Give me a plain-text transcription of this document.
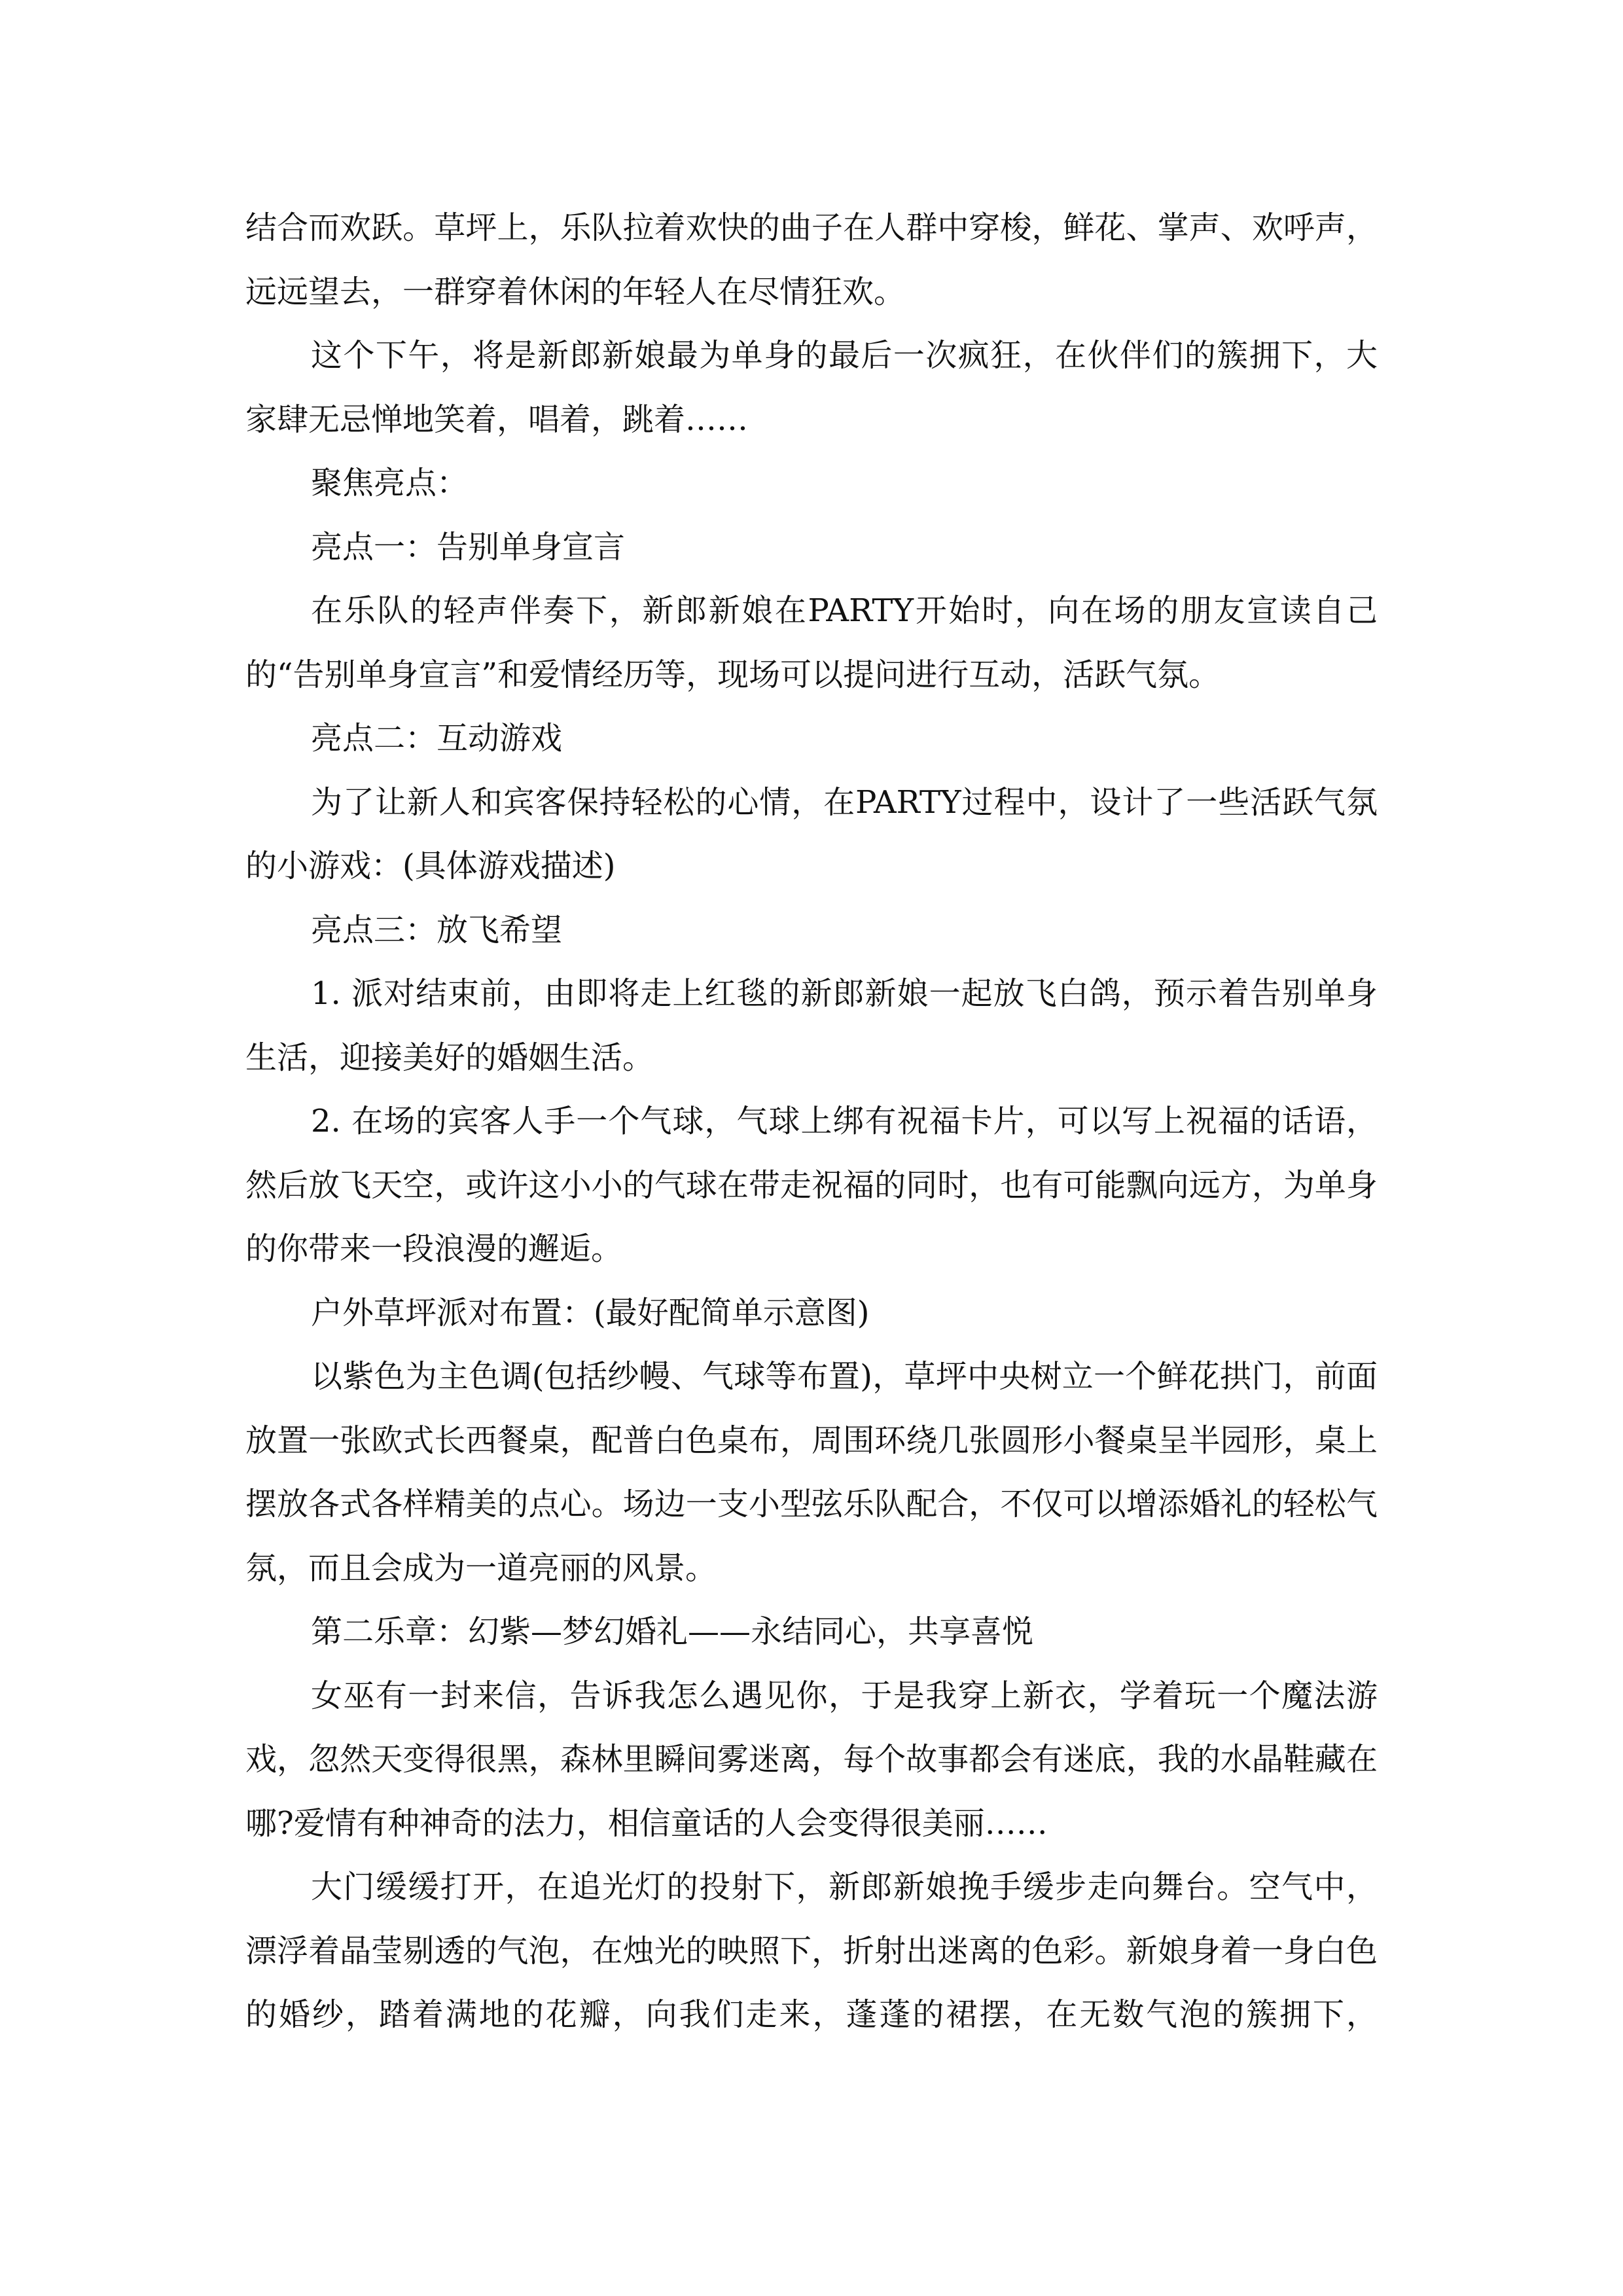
结合而欢跃。草坪上，乐队拉着欢快的曲子在人群中穿梭，鲜花、掌声、欢呼声，远远望去，一群穿着休闲的年轻人在尽情狂欢。

这个下午，将是新郎新娘最为单身的最后一次疯狂，在伙伴们的簇拥下，大家肆无忌惮地笑着，唱着，跳着……

聚焦亮点：

亮点一：告别单身宣言

在乐队的轻声伴奏下，新郎新娘在PARTY开始时，向在场的朋友宣读自己的“告别单身宣言”和爱情经历等，现场可以提问进行互动，活跃气氛。

亮点二：互动游戏

为了让新人和宾客保持轻松的心情，在PARTY过程中，设计了一些活跃气氛的小游戏：(具体游戏描述)

亮点三：放飞希望

1. 派对结束前，由即将走上红毯的新郎新娘一起放飞白鸽，预示着告别单身生活，迎接美好的婚姻生活。

2. 在场的宾客人手一个气球，气球上绑有祝福卡片，可以写上祝福的话语，然后放飞天空，或许这小小的气球在带走祝福的同时，也有可能飘向远方，为单身的你带来一段浪漫的邂逅。

户外草坪派对布置：(最好配简单示意图)

以紫色为主色调(包括纱幔、气球等布置)，草坪中央树立一个鲜花拱门，前面放置一张欧式长西餐桌，配普白色桌布，周围环绕几张圆形小餐桌呈半园形，桌上摆放各式各样精美的点心。场边一支小型弦乐队配合，不仅可以增添婚礼的轻松气氛，而且会成为一道亮丽的风景。

第二乐章：幻紫—梦幻婚礼——永结同心，共享喜悦

女巫有一封来信，告诉我怎么遇见你，于是我穿上新衣，学着玩一个魔法游戏，忽然天变得很黑，森林里瞬间雾迷离，每个故事都会有迷底，我的水晶鞋藏在哪?爱情有种神奇的法力，相信童话的人会变得很美丽……

大门缓缓打开，在追光灯的投射下，新郎新娘挽手缓步走向舞台。空气中，漂浮着晶莹剔透的气泡，在烛光的映照下，折射出迷离的色彩。新娘身着一身白色的婚纱，踏着满地的花瓣，向我们走来，蓬蓬的裙摆，在无数气泡的簇拥下，
